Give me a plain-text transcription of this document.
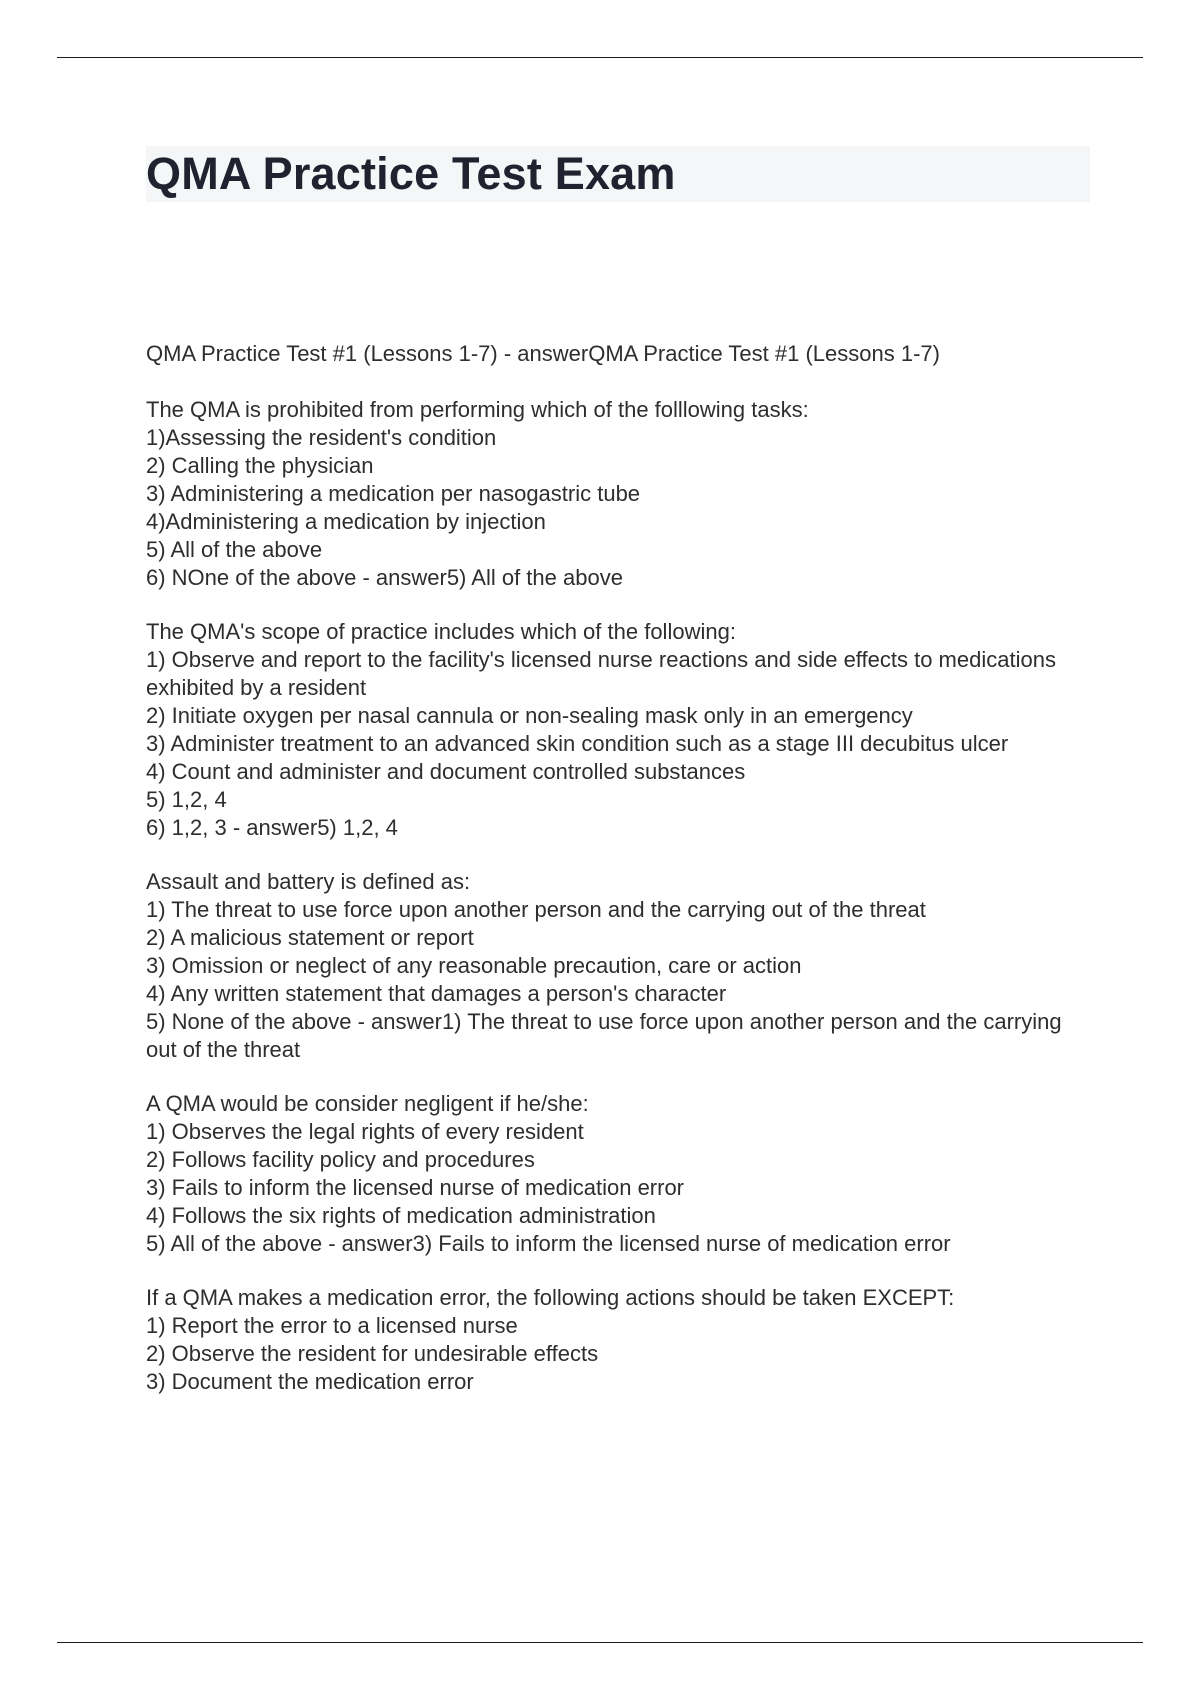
QMA Practice Test Exam

QMA Practice Test #1 (Lessons 1-7) - answerQMA Practice Test #1 (Lessons 1-7)

The QMA is prohibited from performing which of the folllowing tasks:
1)Assessing the resident's condition
2) Calling the physician
3) Administering a medication per nasogastric tube
4)Administering a medication by injection
5) All of the above
6) NOne of the above - answer5) All of the above
The QMA's scope of practice includes which of the following:
1) Observe and report to the facility's licensed nurse reactions and side effects to medications exhibited by a resident
2) Initiate oxygen per nasal cannula or non-sealing mask only in an emergency
3) Administer treatment to an advanced skin condition such as a stage III decubitus ulcer
4) Count and administer and document controlled substances
5) 1,2, 4
6) 1,2, 3 - answer5) 1,2, 4
Assault and battery is defined as:
1) The threat to use force upon another person and the carrying out of the threat
2) A malicious statement or report
3) Omission or neglect of any reasonable precaution, care or action
4) Any written statement that damages a person's character
5) None of the above - answer1) The threat to use force upon another person and the carrying out of the threat
A QMA would be consider negligent if he/she:
1) Observes the legal rights of every resident
2) Follows facility policy and procedures
3) Fails to inform the licensed nurse of medication error
4) Follows the six rights of medication administration
5) All of the above - answer3) Fails to inform the licensed nurse of medication error
If a QMA makes a medication error, the following actions should be taken EXCEPT:
1) Report the error to a licensed nurse
2) Observe the resident for undesirable effects
3) Document the medication error
